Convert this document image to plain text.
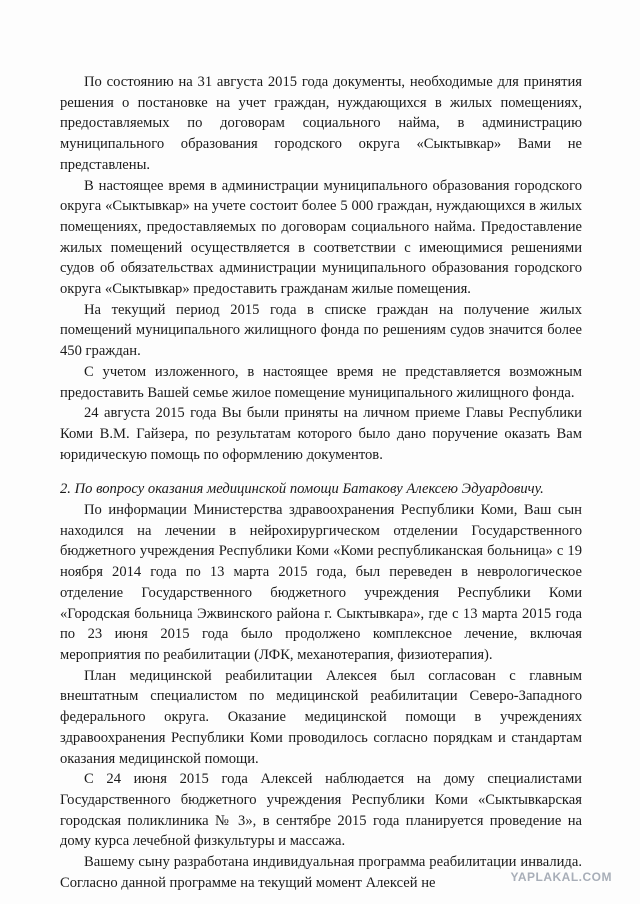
По состоянию на 31 августа 2015 года документы, необходимые для принятия решения о постановке на учет граждан, нуждающихся в жилых помещениях, предоставляемых по договорам социального найма, в администрацию муниципального образования городского округа «Сыктывкар» Вами не представлены.

В настоящее время в администрации муниципального образования городского округа «Сыктывкар» на учете состоит более 5 000 граждан, нуждающихся в жилых помещениях, предоставляемых по договорам социального найма. Предоставление жилых помещений осуществляется в соответствии с имеющимися решениями судов об обязательствах администрации муниципального образования городского округа «Сыктывкар» предоставить гражданам жилые помещения.

На текущий период 2015 года в списке граждан на получение жилых помещений муниципального жилищного фонда по решениям судов значится более 450 граждан.

С учетом изложенного, в настоящее время не представляется возможным предоставить Вашей семье жилое помещение муниципального жилищного фонда.

24 августа 2015 года Вы были приняты на личном приеме Главы Республики Коми В.М. Гайзера, по результатам которого было дано поручение оказать Вам юридическую помощь по оформлению документов.

2. По вопросу оказания медицинской помощи Батакову Алексею Эдуардовичу.

По информации Министерства здравоохранения Республики Коми, Ваш сын находился на лечении в нейрохирургическом отделении Государственного бюджетного учреждения Республики Коми «Коми республиканская больница» с 19 ноября 2014 года по 13 марта 2015 года, был переведен в неврологическое отделение Государственного бюджетного учреждения Республики Коми «Городская больница Эжвинского района г. Сыктывкара», где с 13 марта 2015 года по 23 июня 2015 года было продолжено комплексное лечение, включая мероприятия по реабилитации (ЛФК, механотерапия, физиотерапия).

План медицинской реабилитации Алексея был согласован с главным внештатным специалистом по медицинской реабилитации Северо-Западного федерального округа. Оказание медицинской помощи в учреждениях здравоохранения Республики Коми проводилось согласно порядкам и стандартам оказания медицинской помощи.

С 24 июня 2015 года Алексей наблюдается на дому специалистами Государственного бюджетного учреждения Республики Коми «Сыктывкарская городская поликлиника № 3», в сентябре 2015 года планируется проведение на дому курса лечебной физкультуры и массажа.

Вашему сыну разработана индивидуальная программа реабилитации инвалида. Согласно данной программе на текущий момент Алексей не	YAPLAKAL.COM
